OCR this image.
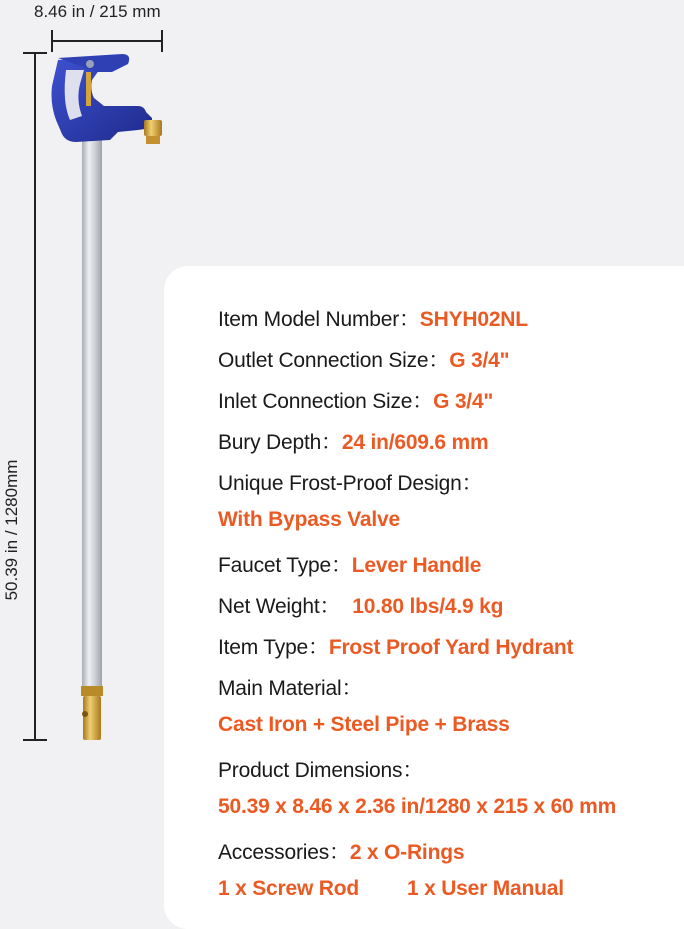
8.46 in / 215 mm
50.39 in / 1280mm
Item Model Number：SHYH02NL
Outlet Connection Size：G 3/4"
Inlet Connection Size：G 3/4"
Bury Depth：24 in/609.6 mm
Unique Frost-Proof Design：
With Bypass Valve
Faucet Type：Lever Handle
Net Weight： 10.80 lbs/4.9 kg
Item Type：Frost Proof Yard Hydrant
Main Material：
Cast Iron + Steel Pipe + Brass
Product Dimensions：
50.39 x 8.46 x 2.36 in/1280 x 215 x 60 mm
Accessories：2 x O-Rings
1 x Screw Rod 1 x User Manual
